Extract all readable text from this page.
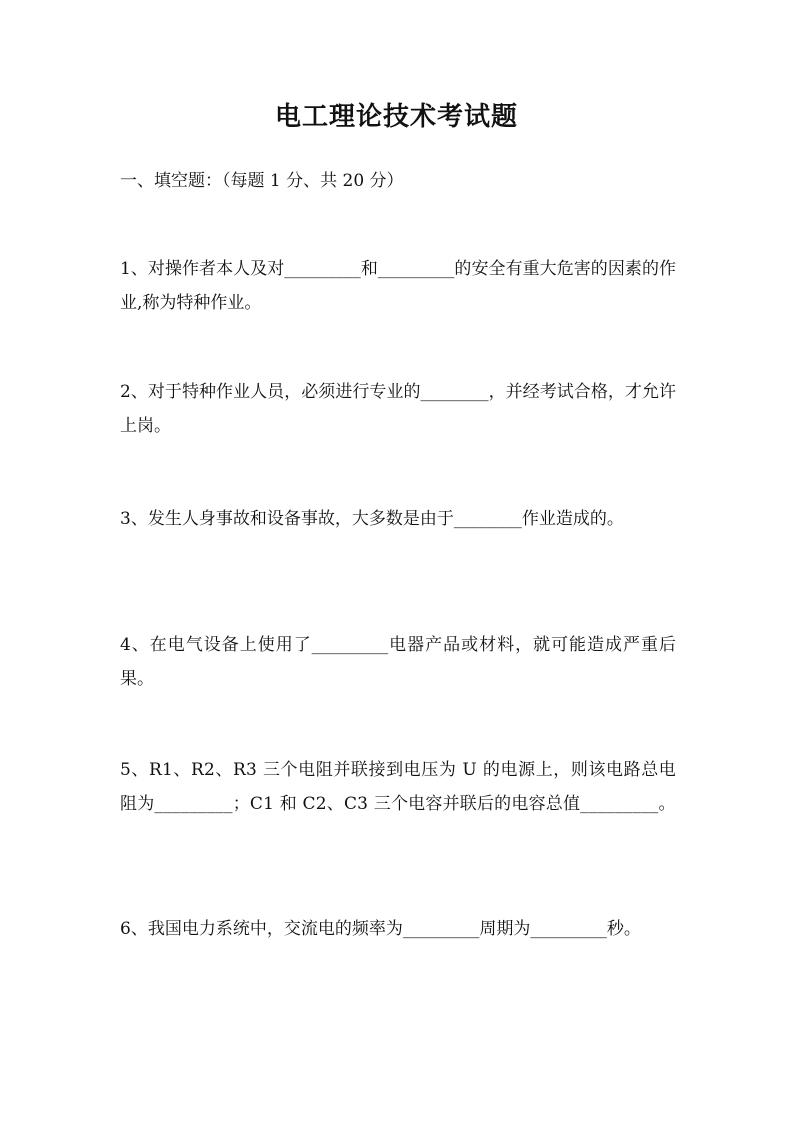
电工理论技术考试题
一、填空题：（每题 1 分、共 20 分）
1、对操作者本人及对_________和_________的安全有重大危害的因素的作业,称为特种作业。
2、对于特种作业人员，必须进行专业的________，并经考试合格，才允许上岗。
3、发生人身事故和设备事故，大多数是由于________作业造成的。
4、在电气设备上使用了_________电器产品或材料，就可能造成严重后果。
5、R1、R2、R3 三个电阻并联接到电压为 U 的电源上，则该电路总电阻为_________；C1 和 C2、C3 三个电容并联后的电容总值_________。
6、我国电力系统中，交流电的频率为_________周期为_________秒。
